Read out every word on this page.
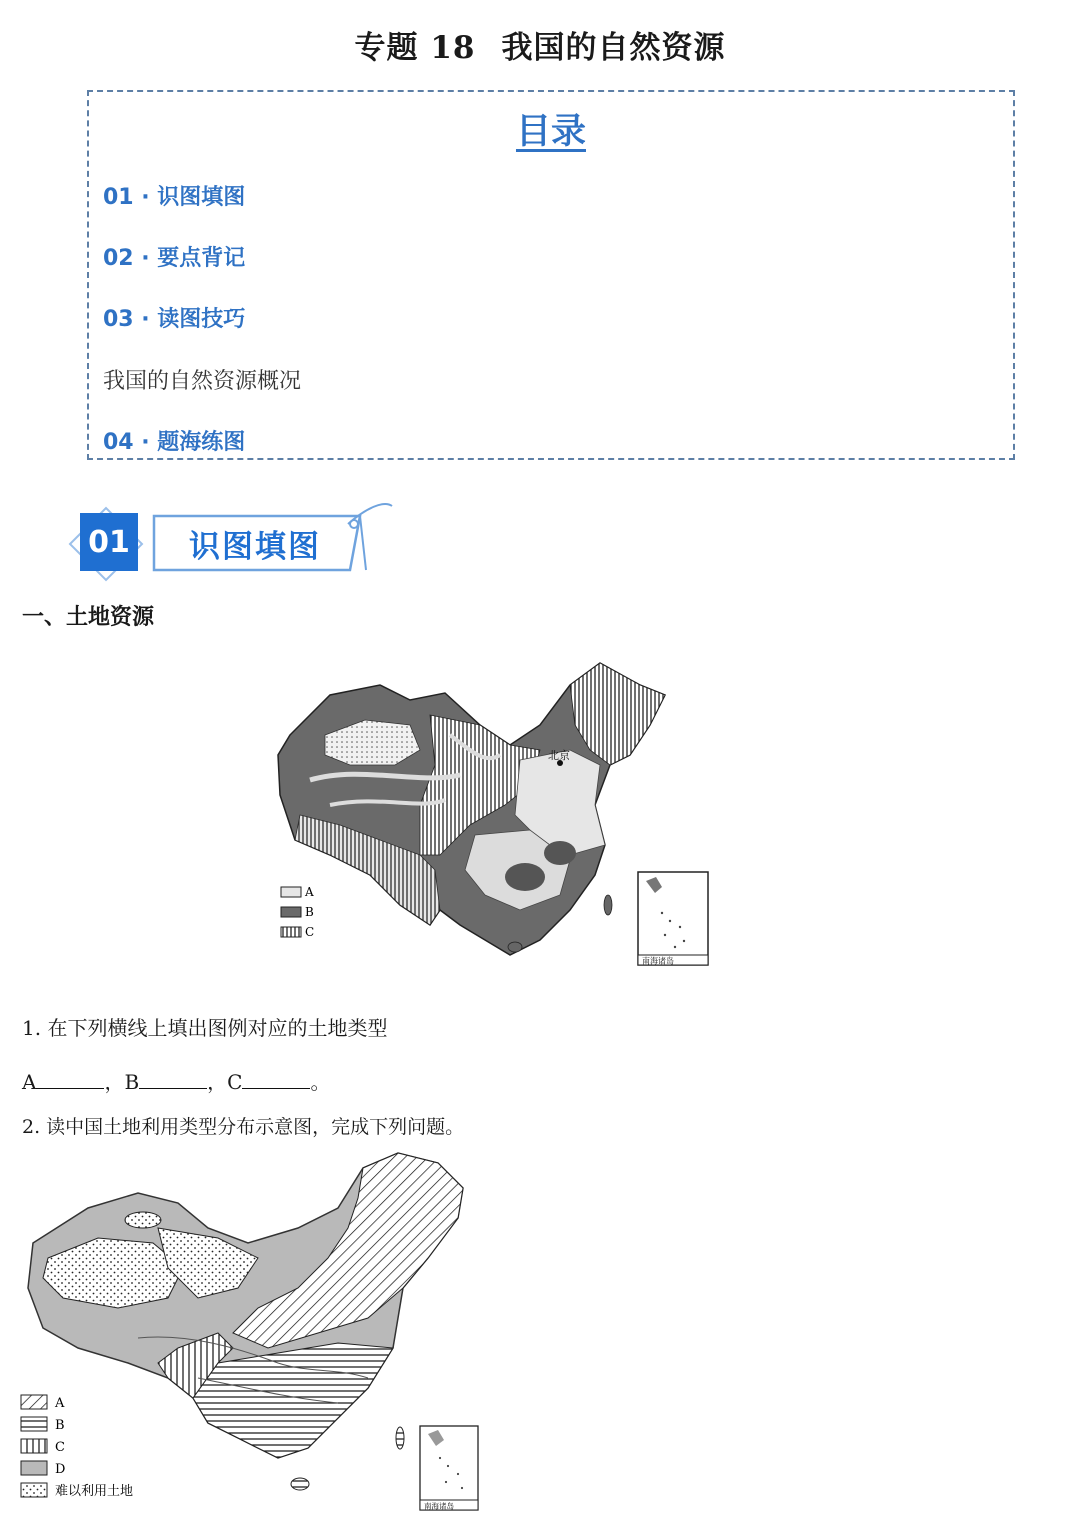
专题 18 我国的自然资源
目录
01 · 识图填图
02 · 要点背记
03 · 读图技巧
我国的自然资源概况
04 · 题海练图
01	识图填图
一、土地资源
北京
南海诸岛
A
B
C
1. 在下列横线上填出图例对应的土地类型
A	，B	，C	。
2. 读中国土地利用类型分布示意图，完成下列问题。
南海诸岛
A
B
C
D
难以利用土地
